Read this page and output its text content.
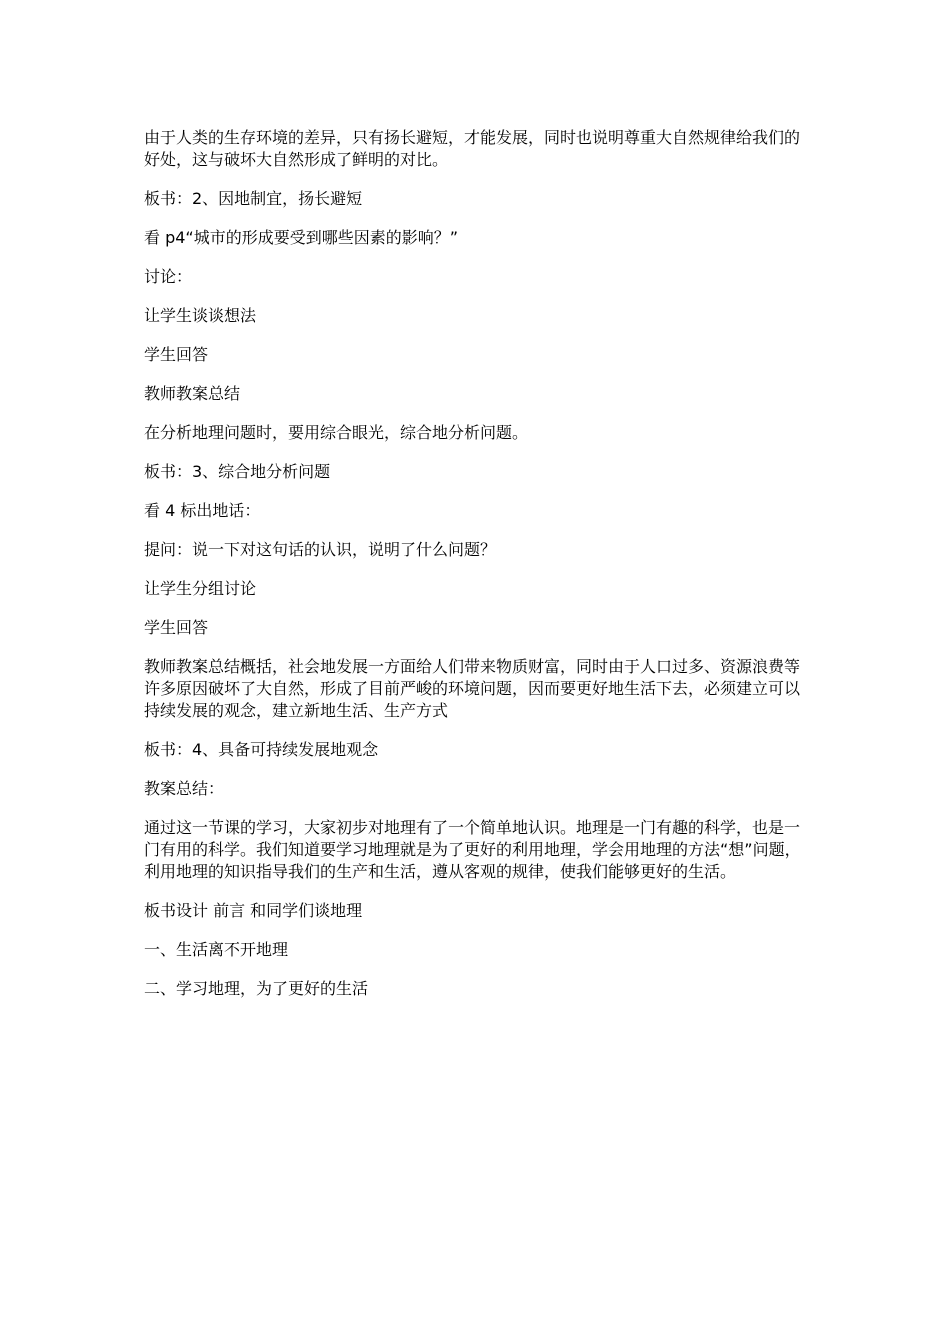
由于人类的生存环境的差异，只有扬长避短，才能发展，同时也说明尊重大自然规律给我们的好处，这与破坏大自然形成了鲜明的对比。

板书：2、因地制宜，扬长避短

看 p4“城市的形成要受到哪些因素的影响？”

讨论：

让学生谈谈想法

学生回答

教师教案总结

在分析地理问题时，要用综合眼光，综合地分析问题。

板书：3、综合地分析问题

看 4 标出地话：

提问：说一下对这句话的认识，说明了什么问题？

让学生分组讨论

学生回答

教师教案总结概括，社会地发展一方面给人们带来物质财富，同时由于人口过多、资源浪费等许多原因破坏了大自然，形成了目前严峻的环境问题，因而要更好地生活下去，必须建立可以持续发展的观念，建立新地生活、生产方式

板书：4、具备可持续发展地观念

教案总结：

通过这一节课的学习，大家初步对地理有了一个简单地认识。地理是一门有趣的科学，也是一门有用的科学。我们知道要学习地理就是为了更好的利用地理，学会用地理的方法“想”问题，利用地理的知识指导我们的生产和生活，遵从客观的规律，使我们能够更好的生活。

板书设计 前言 和同学们谈地理

一、生活离不开地理

二、学习地理，为了更好的生活
